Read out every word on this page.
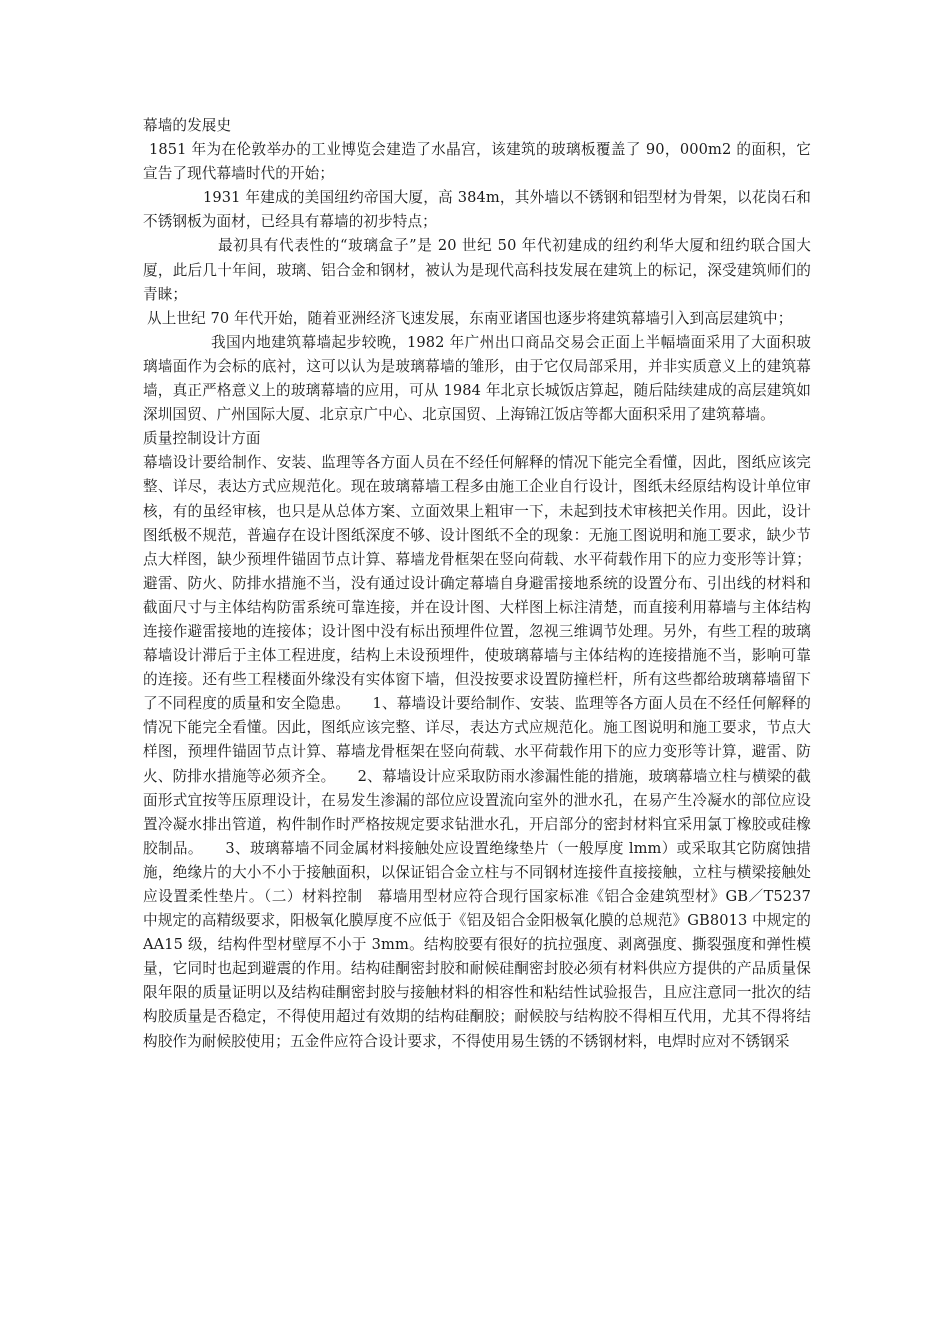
幕墙的发展史

1851 年为在伦敦举办的工业博览会建造了水晶宫，该建筑的玻璃板覆盖了 90，000m2 的面积，它宣告了现代幕墙时代的开始；

1931 年建成的美国纽约帝国大厦，高 384m，其外墙以不锈钢和铝型材为骨架，以花岗石和不锈钢板为面材，已经具有幕墙的初步特点；

最初具有代表性的“玻璃盒子”是 20 世纪 50 年代初建成的纽约利华大厦和纽约联合国大厦，此后几十年间，玻璃、铝合金和钢材，被认为是现代高科技发展在建筑上的标记，深受建筑师们的青睐；

从上世纪 70 年代开始，随着亚洲经济飞速发展，东南亚诸国也逐步将建筑幕墙引入到高层建筑中；

我国内地建筑幕墙起步较晚，1982 年广州出口商品交易会正面上半幅墙面采用了大面积玻璃墙面作为会标的底衬，这可以认为是玻璃幕墙的雏形，由于它仅局部采用，并非实质意义上的建筑幕墙，真正严格意义上的玻璃幕墙的应用，可从 1984 年北京长城饭店算起，随后陆续建成的高层建筑如深圳国贸、广州国际大厦、北京京广中心、北京国贸、上海锦江饭店等都大面积采用了建筑幕墙。

质量控制设计方面

幕墙设计要给制作、安装、监理等各方面人员在不经任何解释的情况下能完全看懂，因此，图纸应该完整、详尽，表达方式应规范化。现在玻璃幕墙工程多由施工企业自行设计，图纸未经原结构设计单位审核，有的虽经审核，也只是从总体方案、立面效果上粗审一下，未起到技术审核把关作用。因此，设计图纸极不规范，普遍存在设计图纸深度不够、设计图纸不全的现象：无施工图说明和施工要求，缺少节点大样图，缺少预埋件锚固节点计算、幕墙龙骨框架在竖向荷载、水平荷载作用下的应力变形等计算；避雷、防火、防排水措施不当，没有通过设计确定幕墙自身避雷接地系统的设置分布、引出线的材料和截面尺寸与主体结构防雷系统可靠连接，并在设计图、大样图上标注清楚，而直接利用幕墙与主体结构连接作避雷接地的连接体；设计图中没有标出预埋件位置，忽视三维调节处理。另外，有些工程的玻璃幕墙设计滞后于主体工程进度，结构上未设预埋件，使玻璃幕墙与主体结构的连接措施不当，影响可靠的连接。还有些工程楼面外缘没有实体窗下墙，但没按要求设置防撞栏杆，所有这些都给玻璃幕墙留下了不同程度的质量和安全隐患。　　1、幕墙设计要给制作、安装、监理等各方面人员在不经任何解释的情况下能完全看懂。因此，图纸应该完整、详尽，表达方式应规范化。施工图说明和施工要求，节点大样图，预埋件锚固节点计算、幕墙龙骨框架在竖向荷载、水平荷载作用下的应力变形等计算，避雷、防火、防排水措施等必须齐全。　　2、幕墙设计应采取防雨水渗漏性能的措施，玻璃幕墙立柱与横梁的截面形式宜按等压原理设计，在易发生渗漏的部位应设置流向室外的泄水孔，在易产生冷凝水的部位应设置冷凝水排出管道，构件制作时严格按规定要求钻泄水孔，开启部分的密封材料宜采用氯丁橡胶或硅橡胶制品。　　3、玻璃幕墙不同金属材料接触处应设置绝缘垫片（一般厚度 lmm）或采取其它防腐蚀措施，绝缘片的大小不小于接触面积，以保证铝合金立柱与不同钢材连接件直接接触，立柱与横梁接触处应设置柔性垫片。（二）材料控制　幕墙用型材应符合现行国家标准《铝合金建筑型材》GB／T5237 中规定的高精级要求，阳极氧化膜厚度不应低于《铝及铝合金阳极氧化膜的总规范》GB8013 中规定的 AA15 级，结构件型材壁厚不小于 3mm。结构胶要有很好的抗拉强度、剥离强度、撕裂强度和弹性模量，它同时也起到避震的作用。结构硅酮密封胶和耐候硅酮密封胶必须有材料供应方提供的产品质量保限年限的质量证明以及结构硅酮密封胶与接触材料的相容性和粘结性试验报告，且应注意同一批次的结构胶质量是否稳定，不得使用超过有效期的结构硅酮胶；耐候胶与结构胶不得相互代用，尤其不得将结构胶作为耐候胶使用；五金件应符合设计要求，不得使用易生锈的不锈钢材料，电焊时应对不锈钢采
